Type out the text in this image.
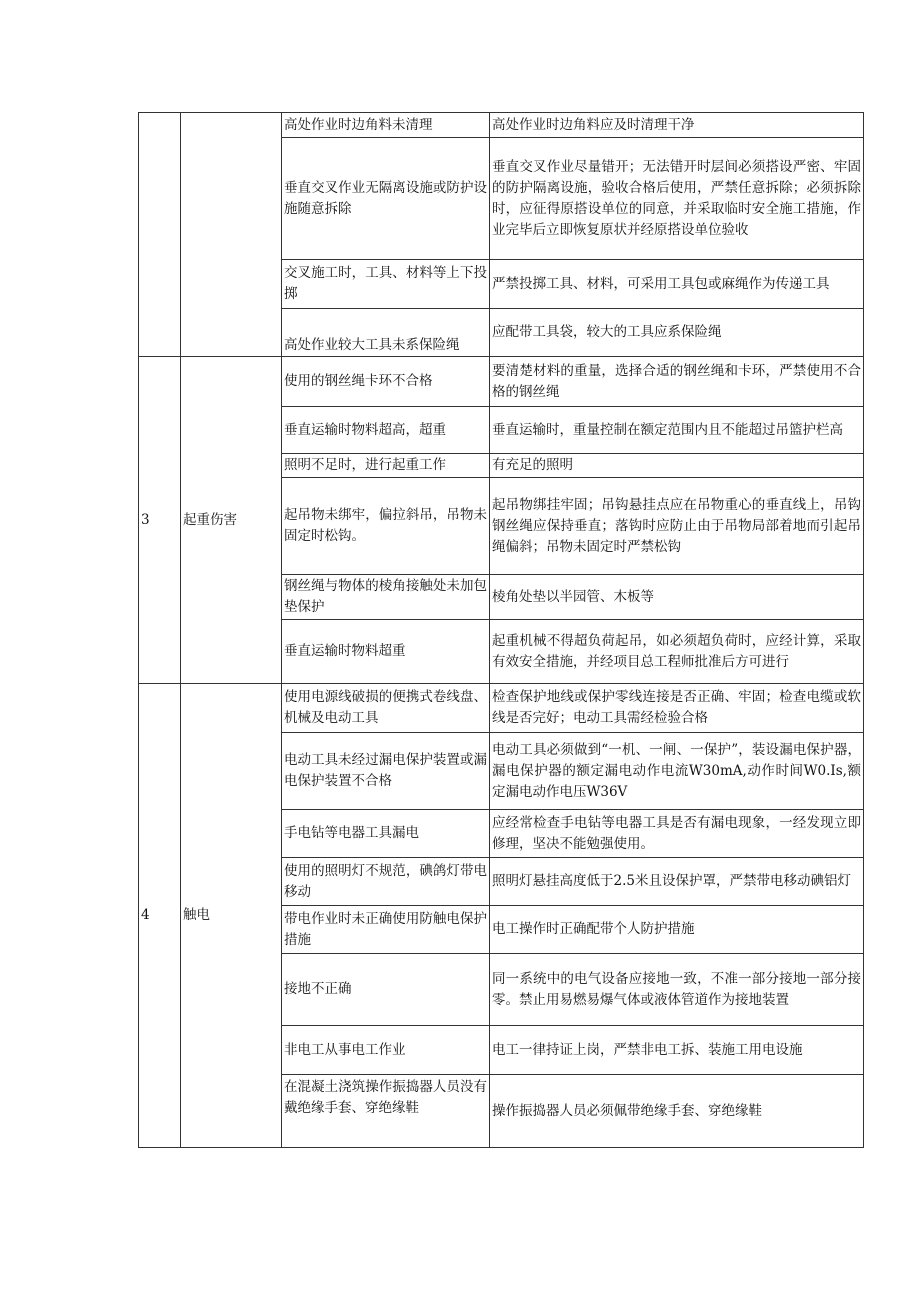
		高处作业时边角料未清理	高处作业时边角料应及时清理干净
		垂直交叉作业无隔离设施或防护设施随意拆除	垂直交叉作业尽量错开；无法错开时层间必须搭设严密、牢固的防护隔离设施，验收合格后使用，严禁任意拆除；必须拆除时，应征得原搭设单位的同意，并采取临时安全施工措施，作业完毕后立即恢复原状并经原搭设单位验收
		交叉施工时，工具、材料等上下投掷	严禁投掷工具、材料，可采用工具包或麻绳作为传递工具
		高处作业较大工具未系保险绳	应配带工具袋，较大的工具应系保险绳
3	起重伤害	使用的钢丝绳卡环不合格	要清楚材料的重量，选择合适的钢丝绳和卡环，严禁使用不合格的钢丝绳
		垂直运输时物料超高，超重	垂直运输时，重量控制在额定范围内且不能超过吊篮护栏高
		照明不足时，进行起重工作	有充足的照明
		起吊物未绑牢，偏拉斜吊，吊物未固定时松钩。	起吊物绑挂牢固；吊钩悬挂点应在吊物重心的垂直线上，吊钩钢丝绳应保持垂直；落钩时应防止由于吊物局部着地而引起吊绳偏斜；吊物未固定时严禁松钩
		钢丝绳与物体的棱角接触处未加包垫保护	棱角处垫以半园管、木板等
		垂直运输时物料超重	起重机械不得超负荷起吊，如必须超负荷时，应经计算，采取有效安全措施，并经项目总工程师批准后方可进行
4	触电	使用电源线破损的便携式卷线盘、机械及电动工具	检查保护地线或保护零线连接是否正确、牢固；检查电缆或软线是否完好；电动工具需经检验合格
		电动工具未经过漏电保护装置或漏电保护装置不合格	电动工具必须做到“一机、一闸、一保护”，装设漏电保护器，漏电保护器的额定漏电动作电流W30mA,动作时间W0.Is,额定漏电动作电压W36V
		手电钻等电器工具漏电	应经常检查手电钻等电器工具是否有漏电现象，一经发现立即修理，坚决不能勉强使用。
		使用的照明灯不规范，碘鸽灯带电移动	照明灯悬挂高度低于2.5米且设保护罩，严禁带电移动碘铝灯
		带电作业时未正确使用防触电保护措施	电工操作时正确配带个人防护措施
		接地不正确	同一系统中的电气设备应接地一致，不准一部分接地一部分接零。禁止用易燃易爆气体或液体管道作为接地装置
		非电工从事电工作业	电工一律持证上岗，严禁非电工拆、装施工用电设施
		在混凝土浇筑操作振捣器人员没有戴绝缘手套、穿绝缘鞋	操作振捣器人员必须佩带绝缘手套、穿绝缘鞋
